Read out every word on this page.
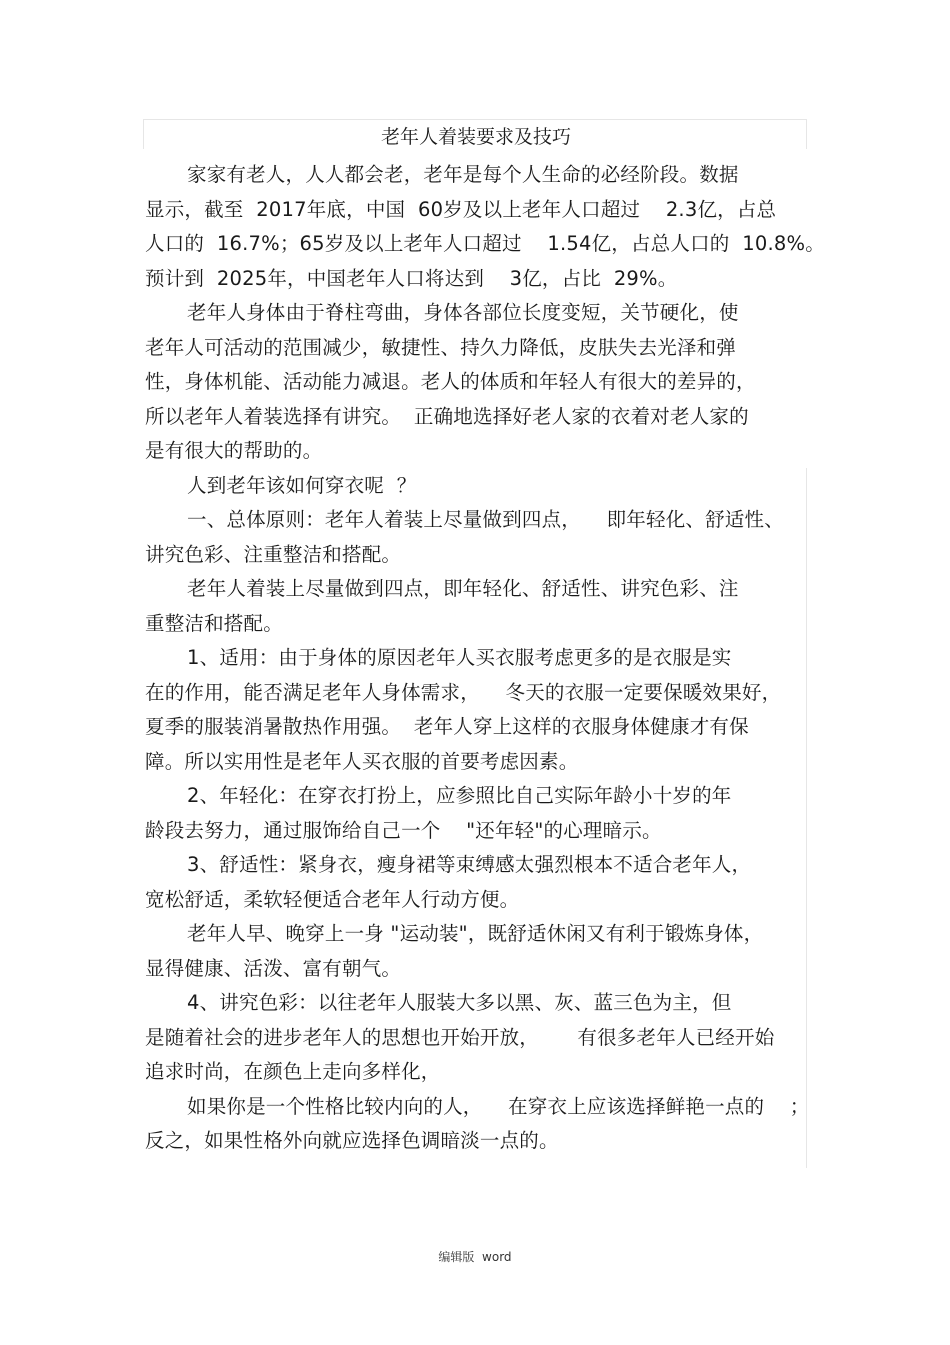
老年人着装要求及技巧
家家有老人，人人都会老，老年是每个人生命的必经阶段。数据
显示，截至  2017年底，中国  60岁及以上老年人口超过    2.3亿，占总
人口的  16.7%；65岁及以上老年人口超过    1.54亿，占总人口的  10.8%。
预计到  2025年，中国老年人口将达到    3亿，占比  29%。
老年人身体由于脊柱弯曲，身体各部位长度变短，关节硬化，使
老年人可活动的范围减少，敏捷性、持久力降低，皮肤失去光泽和弹
性，身体机能、活动能力减退。老人的体质和年轻人有很大的差异的，
所以老年人着装选择有讲究。  正确地选择好老人家的衣着对老人家的
是有很大的帮助的。
人到老年该如何穿衣呢  ？
一、总体原则：老年人着装上尽量做到四点，    即年轻化、舒适性、
讲究色彩、注重整洁和搭配。
老年人着装上尽量做到四点，即年轻化、舒适性、讲究色彩、注
重整洁和搭配。
1、适用：由于身体的原因老年人买衣服考虑更多的是衣服是实
在的作用，能否满足老年人身体需求，    冬天的衣服一定要保暖效果好，
夏季的服装消暑散热作用强。  老年人穿上这样的衣服身体健康才有保
障。所以实用性是老年人买衣服的首要考虑因素。
2、年轻化：在穿衣打扮上，应参照比自己实际年龄小十岁的年
龄段去努力，通过服饰给自己一个    "还年轻"的心理暗示。
3、舒适性：紧身衣，瘦身裙等束缚感太强烈根本不适合老年人，
宽松舒适，柔软轻便适合老年人行动方便。
老年人早、晚穿上一身 "运动装"，既舒适休闲又有利于锻炼身体，
显得健康、活泼、富有朝气。
4、讲究色彩：以往老年人服装大多以黑、灰、蓝三色为主，但
是随着社会的进步老年人的思想也开始开放，      有很多老年人已经开始
追求时尚，在颜色上走向多样化，
如果你是一个性格比较内向的人，    在穿衣上应该选择鲜艳一点的    ；
反之，如果性格外向就应选择色调暗淡一点的。
编辑版  word
